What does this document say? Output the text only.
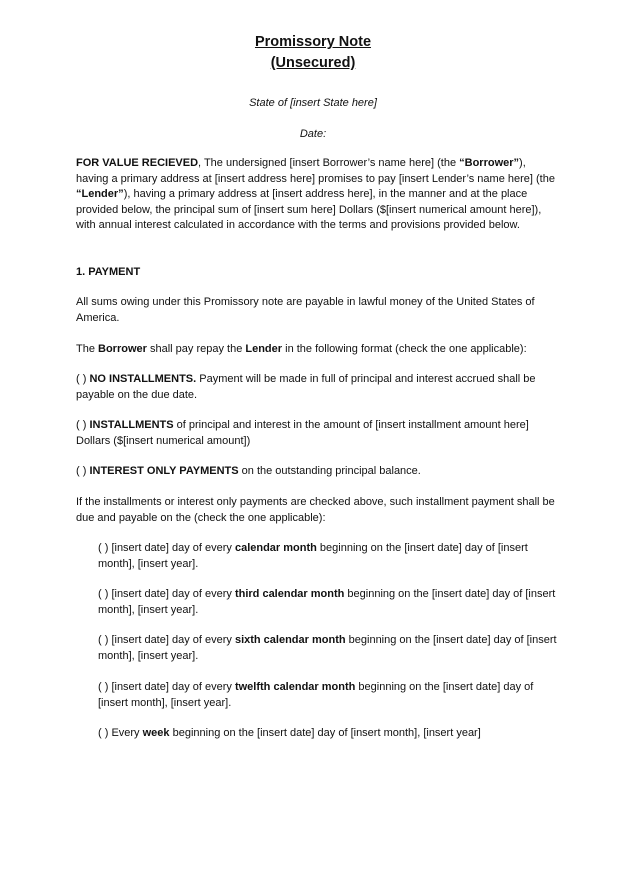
Promissory Note
(Unsecured)
State of [insert State here]
Date:
FOR VALUE RECIEVED, The undersigned [insert Borrower’s name here] (the “Borrower”), having a primary address at [insert address here] promises to pay [insert Lender’s name here] (the “Lender”), having a primary address at [insert address here], in the manner and at the place provided below, the principal sum of [insert sum here] Dollars ($[insert numerical amount here]), with annual interest calculated in accordance with the terms and provisions provided below.
1. PAYMENT
All sums owing under this Promissory note are payable in lawful money of the United States of America.
The Borrower shall pay repay the Lender in the following format (check the one applicable):
( ) NO INSTALLMENTS. Payment will be made in full of principal and interest accrued shall be payable on the due date.
( ) INSTALLMENTS of principal and interest in the amount of [insert installment amount here] Dollars ($[insert numerical amount])
( ) INTEREST ONLY PAYMENTS on the outstanding principal balance.
If the installments or interest only payments are checked above, such installment payment shall be due and payable on the (check the one applicable):
( ) [insert date] day of every calendar month beginning on the [insert date] day of [insert month], [insert year].
( ) [insert date] day of every third calendar month beginning on the [insert date] day of [insert month], [insert year].
( ) [insert date] day of every sixth calendar month beginning on the [insert date] day of [insert month], [insert year].
( ) [insert date] day of every twelfth calendar month beginning on the [insert date] day of [insert month], [insert year].
( ) Every week beginning on the [insert date] day of [insert month], [insert year]
